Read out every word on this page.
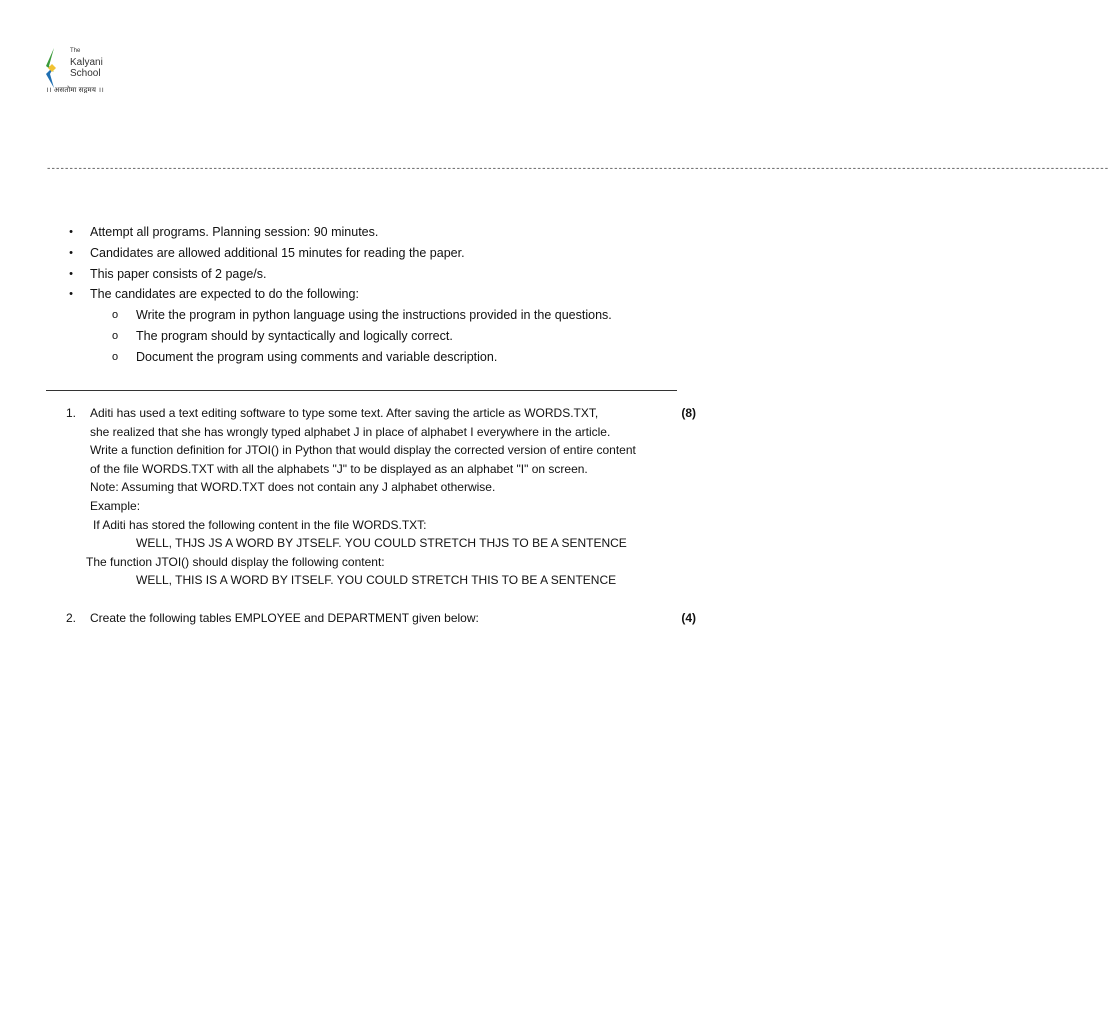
The
Kalyani
School
।। असतोमा सद्गमय ।।
--------------------------------------------------------------------------------------------------------------------------------------------------------------------------------------------------------------------------------------------
• Attempt all programs. Planning session: 90 minutes.
• Candidates are allowed additional 15 minutes for reading the paper.
• This paper consists of 2 page/s.
• The candidates are expected to do the following:
o Write the program in python language using the instructions provided in the questions.
o The program should by syntactically and logically correct.
o Document the program using comments and variable description.
1. Aditi has used a text editing software to type some text. After saving the article as WORDS.TXT,	(8)
she realized that she has wrongly typed alphabet J in place of alphabet I everywhere in the article.
Write a function definition for JTOI() in Python that would display the corrected version of entire content
of the file WORDS.TXT with all the alphabets "J" to be displayed as an alphabet "I" on screen.
Note: Assuming that WORD.TXT does not contain any J alphabet otherwise.
Example:
If Aditi has stored the following content in the file WORDS.TXT:
WELL, THJS JS A WORD BY JTSELF. YOU COULD STRETCH THJS TO BE A SENTENCE
The function JTOI() should display the following content:
WELL, THIS IS A WORD BY ITSELF. YOU COULD STRETCH THIS TO BE A SENTENCE
2. Create the following tables EMPLOYEE and DEPARTMENT given below:	(4)
